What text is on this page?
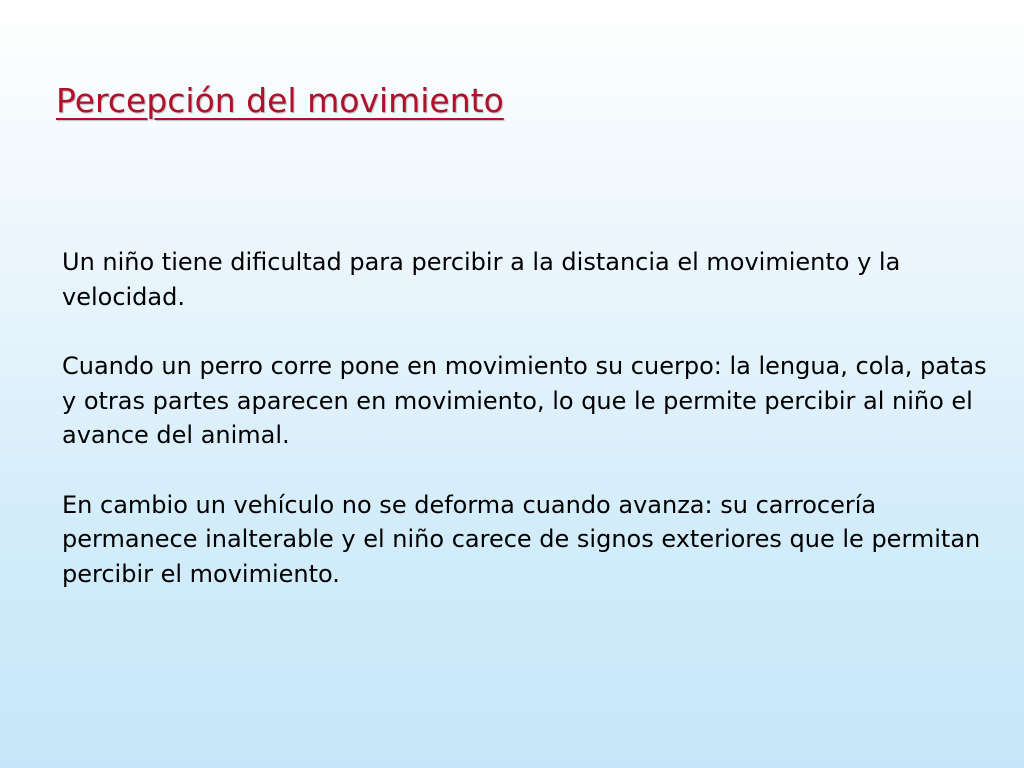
Percepción del movimiento

Un niño tiene dificultad para percibir a la distancia el movimiento y la velocidad.

Cuando un perro corre pone en movimiento su cuerpo: la lengua, cola, patas y otras partes aparecen en movimiento, lo que le permite percibir al niño el avance del animal.

En cambio un vehículo no se deforma cuando avanza: su carrocería permanece inalterable y el niño carece de signos exteriores que le permitan percibir el movimiento.
